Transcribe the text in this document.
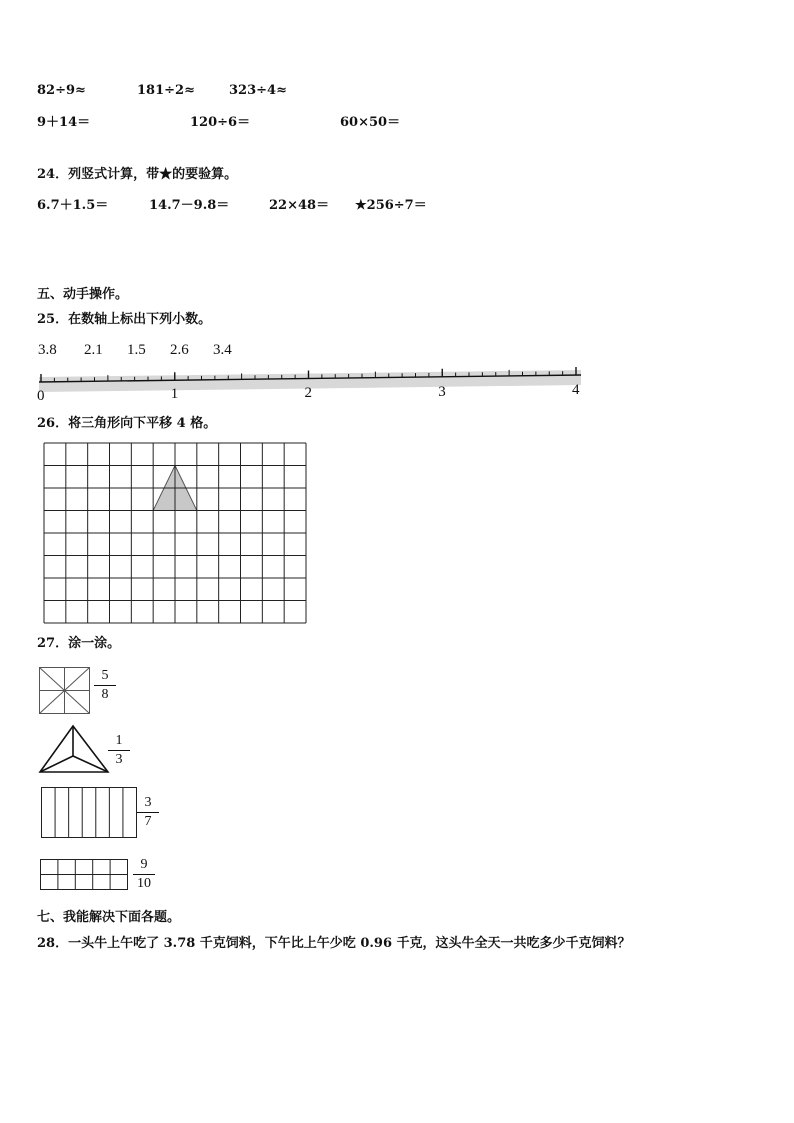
82÷9≈	181÷2≈	323÷4≈
9＋14＝	120÷6＝	60×50＝
24．列竖式计算，带★的要验算。
6.7＋1.5＝	14.7－9.8＝	22×48＝ ★256÷7＝
五、动手操作。
25．在数轴上标出下列小数。
3.8 2.1 1.5 2.6 3.4
0	1	2	3	4
26．将三角形向下平移 4 格。
27．涂一涂。
5
8
1
3
3
7
9
10
七、我能解决下面各题。
28．一头牛上午吃了 3.78 千克饲料，下午比上午少吃 0.96 千克，这头牛全天一共吃多少千克饲料？
